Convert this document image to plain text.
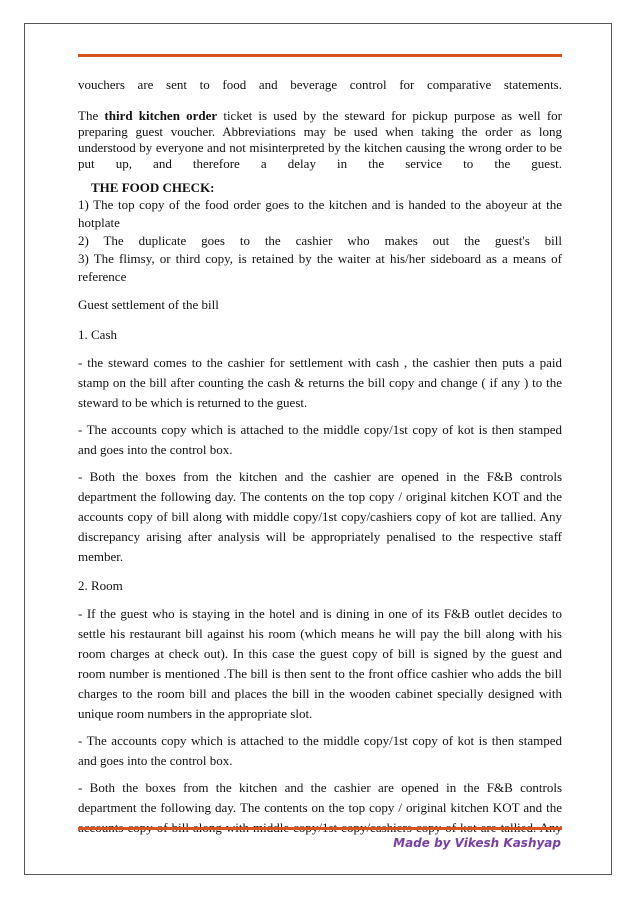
vouchers are sent to food and beverage control for comparative statements.

The third kitchen order ticket is used by the steward for pickup purpose as well for preparing guest voucher. Abbreviations may be used when taking the order as long understood by everyone and not misinterpreted by the kitchen causing the wrong order to be put up, and therefore a delay in the service to the guest.

THE FOOD CHECK:

1) The top copy of the food order goes to the kitchen and is handed to the aboyeur at the hotplate

2) The duplicate goes to the cashier who makes out the guest's bill

3) The flimsy, or third copy, is retained by the waiter at his/her sideboard as a means of reference

Guest settlement of the bill

1. Cash

- the steward comes to the cashier for settlement with cash , the cashier then puts a paid stamp on the bill after counting the cash & returns the bill copy and change ( if any ) to the steward to be which is returned to the guest.

- The accounts copy which is attached to the middle copy/1st copy of kot is then stamped and goes into the control box.

- Both the boxes from the kitchen and the cashier are opened in the F&B controls department the following day. The contents on the top copy / original kitchen KOT and the accounts copy of bill along with middle copy/1st copy/cashiers copy of kot are tallied. Any discrepancy arising after analysis will be appropriately penalised to the respective staff member.

2. Room

- If the guest who is staying in the hotel and is dining in one of its F&B outlet decides to settle his restaurant bill against his room (which means he will pay the bill along with his room charges at check out). In this case the guest copy of bill is signed by the guest and room number is mentioned .The bill is then sent to the front office cashier who adds the bill charges to the room bill and places the bill in the wooden cabinet specially designed with unique room numbers in the appropriate slot.

- The accounts copy which is attached to the middle copy/1st copy of kot is then stamped and goes into the control box.

- Both the boxes from the kitchen and the cashier are opened in the F&B controls department the following day. The contents on the top copy / original kitchen KOT and the

Made by Vikesh Kashyap
